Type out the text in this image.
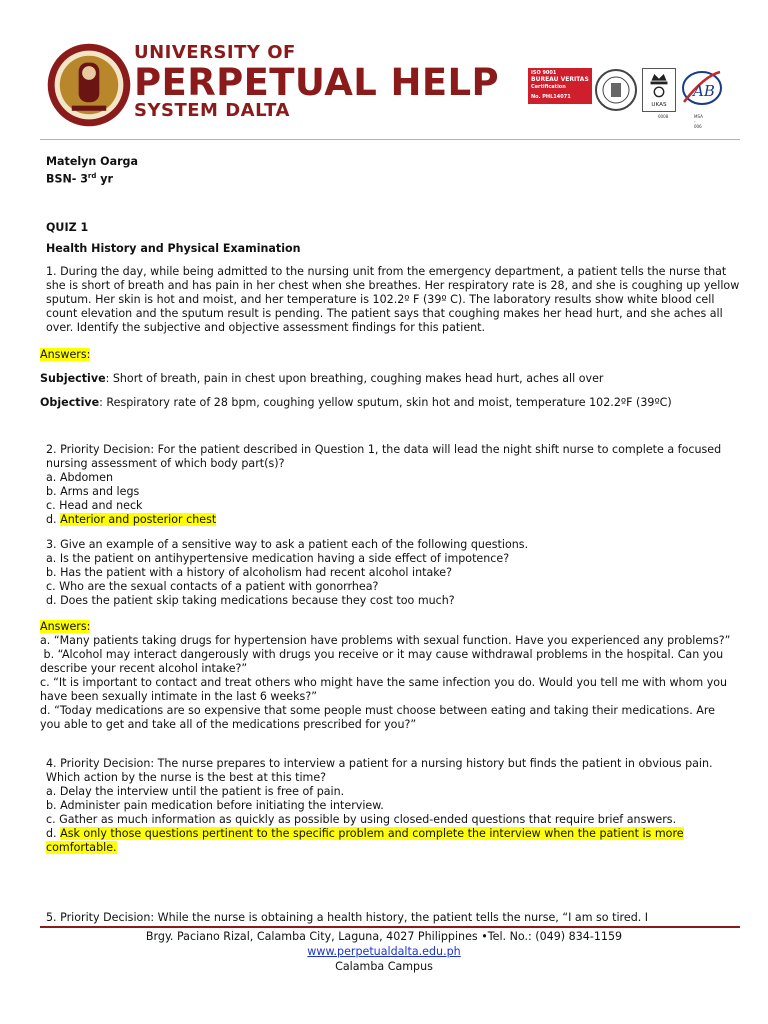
UNIVERSITY OF
PERPETUAL HELP
SYSTEM DALTA
ISO 9001
BUREAU VERITAS
Certification
No. PHL14071
UKAS
AB
0008	MSA - 006

Matelyn Oarga

BSN- 3rd yr

QUIZ 1
Health History and Physical Examination

1. During the day, while being admitted to the nursing unit from the emergency department, a patient tells the nurse that she is short of breath and has pain in her chest when she breathes. Her respiratory rate is 28, and she is coughing up yellow sputum. Her skin is hot and moist, and her temperature is 102.2º F (39º C). The laboratory results show white blood cell count elevation and the sputum result is pending. The patient says that coughing makes her head hurt, and she aches all over. Identify the subjective and objective assessment findings for this patient.

Answers:
Subjective: Short of breath, pain in chest upon breathing, coughing makes head hurt, aches all over
Objective: Respiratory rate of 28 bpm, coughing yellow sputum, skin hot and moist, temperature 102.2ºF (39ºC)

2. Priority Decision: For the patient described in Question 1, the data will lead the night shift nurse to complete a focused nursing assessment of which body part(s)?

a. Abdomen

b. Arms and legs

c. Head and neck

d. Anterior and posterior chest

3. Give an example of a sensitive way to ask a patient each of the following questions.

a. Is the patient on antihypertensive medication having a side effect of impotence?

b. Has the patient with a history of alcoholism had recent alcohol intake?

c. Who are the sexual contacts of a patient with gonorrhea?

d. Does the patient skip taking medications because they cost too much?

Answers:

a. “Many patients taking drugs for hypertension have problems with sexual function. Have you experienced any problems?”

b. “Alcohol may interact dangerously with drugs you receive or it may cause withdrawal problems in the hospital. Can you describe your recent alcohol intake?”

c. “It is important to contact and treat others who might have the same infection you do. Would you tell me with whom you have been sexually intimate in the last 6 weeks?”

d. “Today medications are so expensive that some people must choose between eating and taking their medications. Are you able to get and take all of the medications prescribed for you?”

4. Priority Decision: The nurse prepares to interview a patient for a nursing history but finds the patient in obvious pain. Which action by the nurse is the best at this time?

a. Delay the interview until the patient is free of pain.

b. Administer pain medication before initiating the interview.

c. Gather as much information as quickly as possible by using closed-ended questions that require brief answers.

d. Ask only those questions pertinent to the specific problem and complete the interview when the patient is more comfortable.

5. Priority Decision: While the nurse is obtaining a health history, the patient tells the nurse, “I am so tired. I
Brgy. Paciano Rizal, Calamba City, Laguna, 4027 Philippines •Tel. No.: (049) 834-1159
www.perpetualdalta.edu.ph
Calamba Campus
